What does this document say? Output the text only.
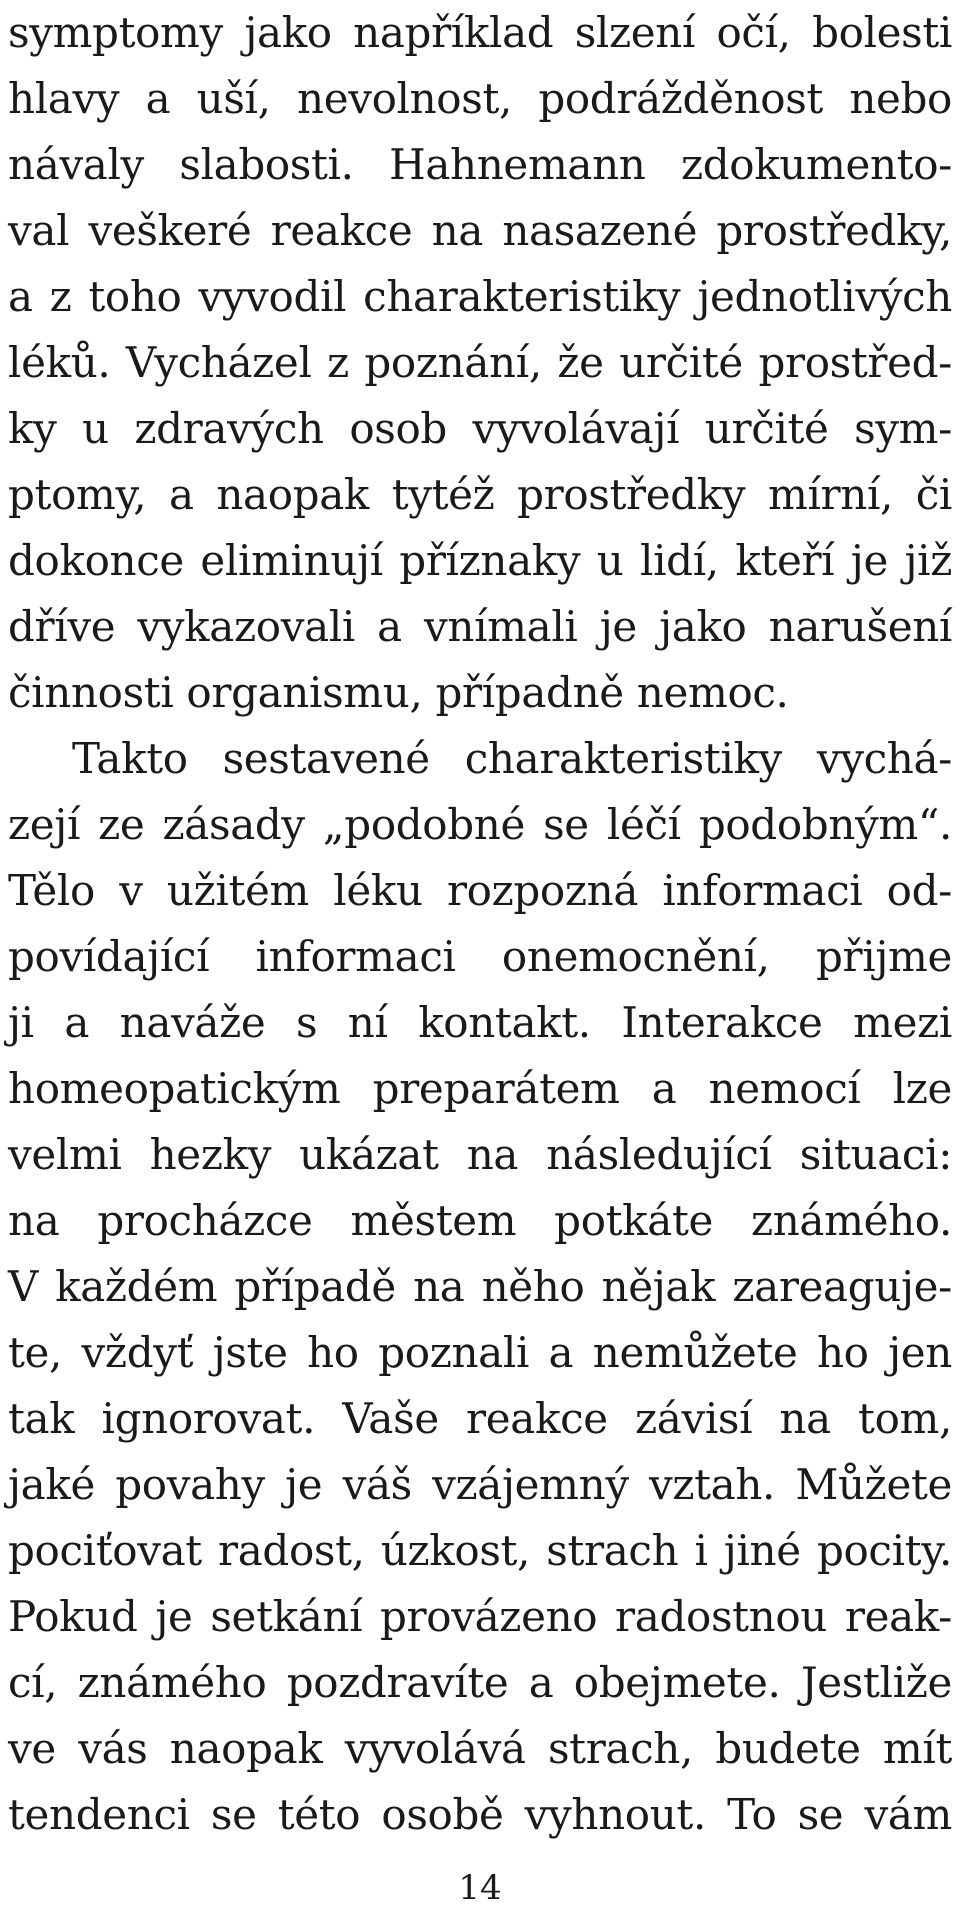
symptomy jako například slzení očí, bolesti
hlavy a uší, nevolnost, podrážděnost nebo
návaly slabosti. Hahnemann zdokumento-
val veškeré reakce na nasazené prostředky,
a z toho vyvodil charakteristiky jednotlivých
léků. Vycházel z poznání, že určité prostřed-
ky u zdravých osob vyvolávají určité sym-
ptomy, a naopak tytéž prostředky mírní, či
dokonce eliminují příznaky u lidí, kteří je již
dříve vykazovali a vnímali je jako narušení
činnosti organismu, případně nemoc.
Takto sestavené charakteristiky vychá-
zejí ze zásady „podobné se léčí podobným“.
Tělo v užitém léku rozpozná informaci od-
povídající informaci onemocnění, přijme
ji a naváže s ní kontakt. Interakce mezi
homeopatickým preparátem a nemocí lze
velmi hezky ukázat na následující situaci:
na procházce městem potkáte známého.
V každém případě na něho nějak zareaguje-
te, vždyť jste ho poznali a nemůžete ho jen
tak ignorovat. Vaše reakce závisí na tom,
jaké povahy je váš vzájemný vztah. Můžete
pociťovat radost, úzkost, strach i jiné pocity.
Pokud je setkání provázeno radostnou reak-
cí, známého pozdravíte a obejmete. Jestliže
ve vás naopak vyvolává strach, budete mít
tendenci se této osobě vyhnout. To se vám
14
